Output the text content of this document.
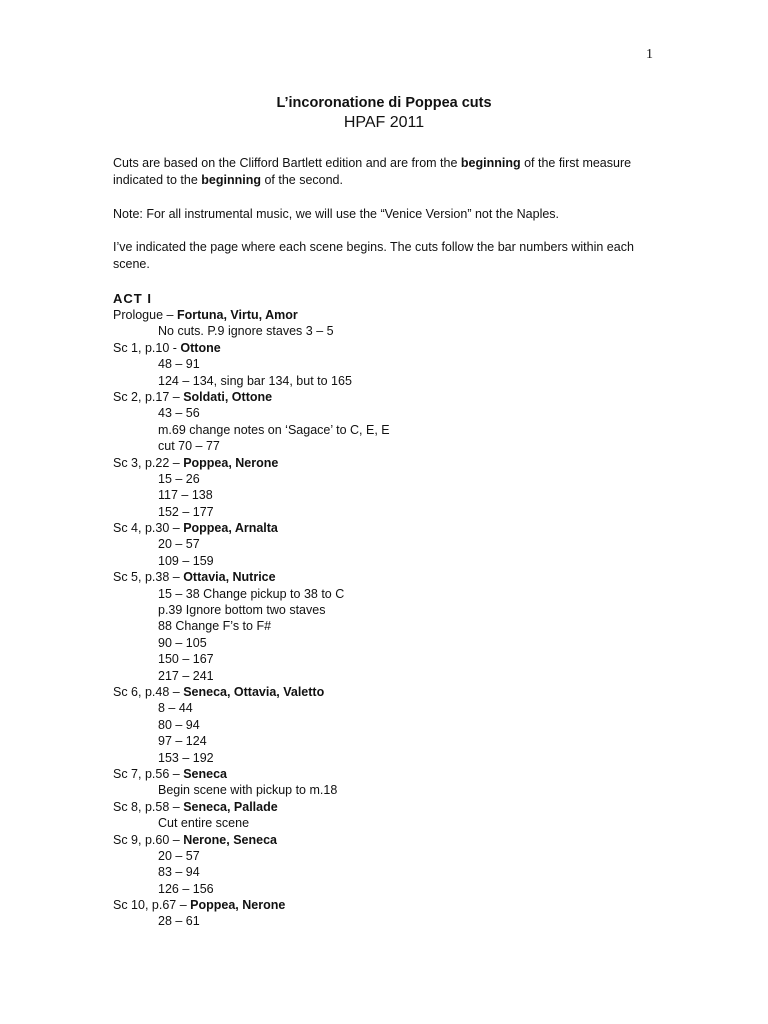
1
L’incoronatione di Poppea cuts
HPAF 2011
Cuts are based on the Clifford Bartlett edition and are from the beginning of the first measure indicated to the beginning of the second.
Note: For all instrumental music, we will use the “Venice Version” not the Naples.
I’ve indicated the page where each scene begins. The cuts follow the bar numbers within each scene.
ACT I
Prologue – Fortuna, Virtu, Amor
No cuts. P.9 ignore staves 3 – 5
Sc 1, p.10 - Ottone
48 – 91
124 – 134, sing bar 134, but to 165
Sc 2, p.17 – Soldati, Ottone
43 – 56
m.69 change notes on ‘Sagace’ to C, E, E
cut 70 – 77
Sc 3, p.22 – Poppea, Nerone
15 – 26
117 – 138
152 – 177
Sc 4, p.30 – Poppea, Arnalta
20 – 57
109 – 159
Sc 5, p.38 – Ottavia, Nutrice
15 – 38 Change pickup to 38 to C
p.39 Ignore bottom two staves
88 Change F’s to F#
90 – 105
150 – 167
217 – 241
Sc 6, p.48 – Seneca, Ottavia, Valetto
8 – 44
80 – 94
97 – 124
153 – 192
Sc 7, p.56 – Seneca
Begin scene with pickup to m.18
Sc 8, p.58 – Seneca, Pallade
Cut entire scene
Sc 9, p.60 – Nerone, Seneca
20 – 57
83 – 94
126 – 156
Sc 10, p.67 – Poppea, Nerone
28 – 61
